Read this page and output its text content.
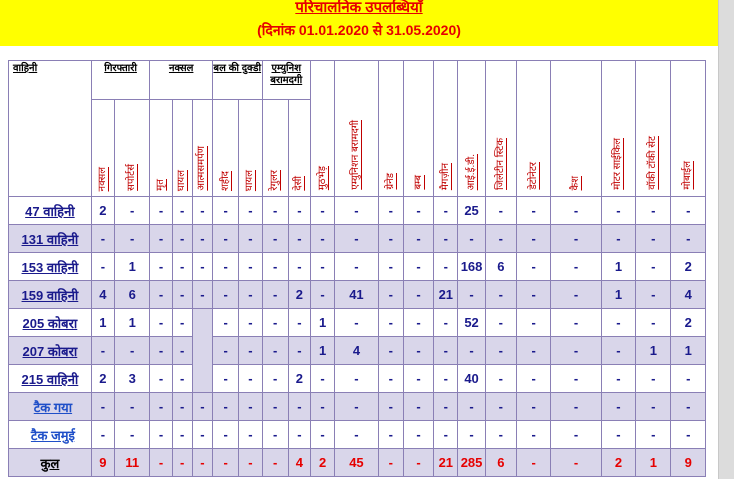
परिचालनिक उपलब्धियाँ
(दिनांक 01.01.2020 से 31.05.2020)
वाहिनी	गिरफ्तारी		नक्सल			बल की दुक्डी		एम्युनिश बरामदगी		मुठभेड़	एम्युनिशन बरामदगी	ग्रेनेड	बम्ब	मैगज़ीन	आई.ई.डी.	जिलेटीन स्टिक	डेटोनेटर	कैश	मोटर साईकिल	वॉकी टॉकी सेट	मोबाईल
	नक्सल	सपोर्टर्स	मृत	घायल	आत्मसमर्पण	शहीद	घायल	रेगुलर	देसी												
47 वाहिनी	2	-	-	-	-	-	-	-	-	-	-	-	-	-	25	-	-	-	-	-	-
131 वाहिनी	-	-	-	-	-	-	-	-	-	-	-	-	-	-	-	-	-	-	-	-	-
153 वाहिनी	-	1	-	-	-	-	-	-	-	-	-	-	-	-	168	6	-	-	1	-	2
159 वाहिनी	4	6	-	-	-	-	-	-	2	-	41	-	-	21	-	-	-	-	1	-	4
205 कोबरा	1	1	-	-		-	-	-	-	1	-	-	-	-	52	-	-	-	-	-	2
207 कोबरा	-	-	-	-		-	-	-	-	1	4	-	-	-	-	-	-	-	-	1	1
215 वाहिनी	2	3	-	-		-	-	-	2	-	-	-	-	-	40	-	-	-	-	-	-
टैक गया	-	-	-	-	-	-	-	-	-	-	-	-	-	-	-	-	-	-	-	-	-
टैक जमुई	-	-	-	-	-	-	-	-	-	-	-	-	-	-	-	-	-	-	-	-	-
कुल	9	11	-	-	-	-	-	-	4	2	45	-	-	21	285	6	-	-	2	1	9
